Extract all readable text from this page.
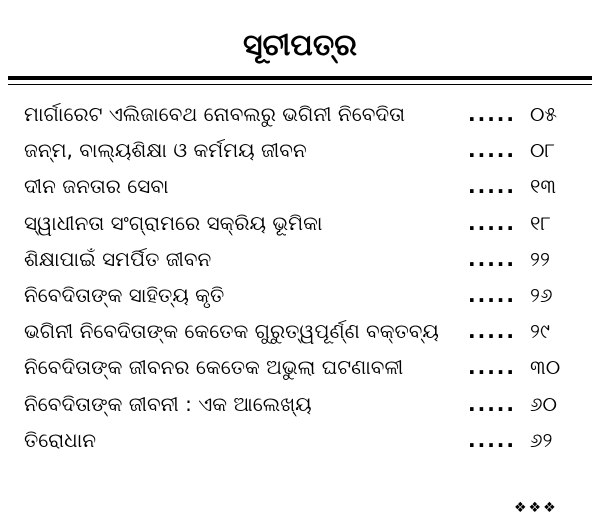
ସୂଚୀପତ୍ର
ମାର୍ଗାରେଟ ଏଲିଜାବେଥ ନୋବଲରୁ ଭଗିନୀ ନିବେଦିତା	..... ୦୫
ଜନ୍ମ, ବାଲ୍ୟଶିକ୍ଷା ଓ କର୍ମମୟ ଜୀବନ	..... ୦୮
ଦୀନ ଜନତାର ସେବା	..... ୧୩
ସ୍ୱାଧୀନତା ସଂଗ୍ରାମରେ ସକ୍ରିୟ ଭୂମିକା	..... ୧୮
ଶିକ୍ଷାପାଇଁ ସମର୍ପିତ ଜୀବନ	..... ୨୨
ନିବେଦିତାଙ୍କ ସାହିତ୍ୟ କୃତି	..... ୨୬
ଭଗିନୀ ନିବେଦିତାଙ୍କ କେତେକ ଗୁରୁତ୍ୱପୂର୍ଣ୍ଣ ବକ୍ତବ୍ୟ ..... ୨୯
ନିବେଦିତାଙ୍କ ଜୀବନର କେତେକ ଅଭୁଲା ଘଟଣାବଳୀ	..... ୩୦
ନିବେଦିତାଙ୍କ ଜୀବନୀ : ଏକ ଆଲେଖ୍ୟ	..... ୬୦
ତିରୋଧାନ	..... ୬୨
❖❖❖
